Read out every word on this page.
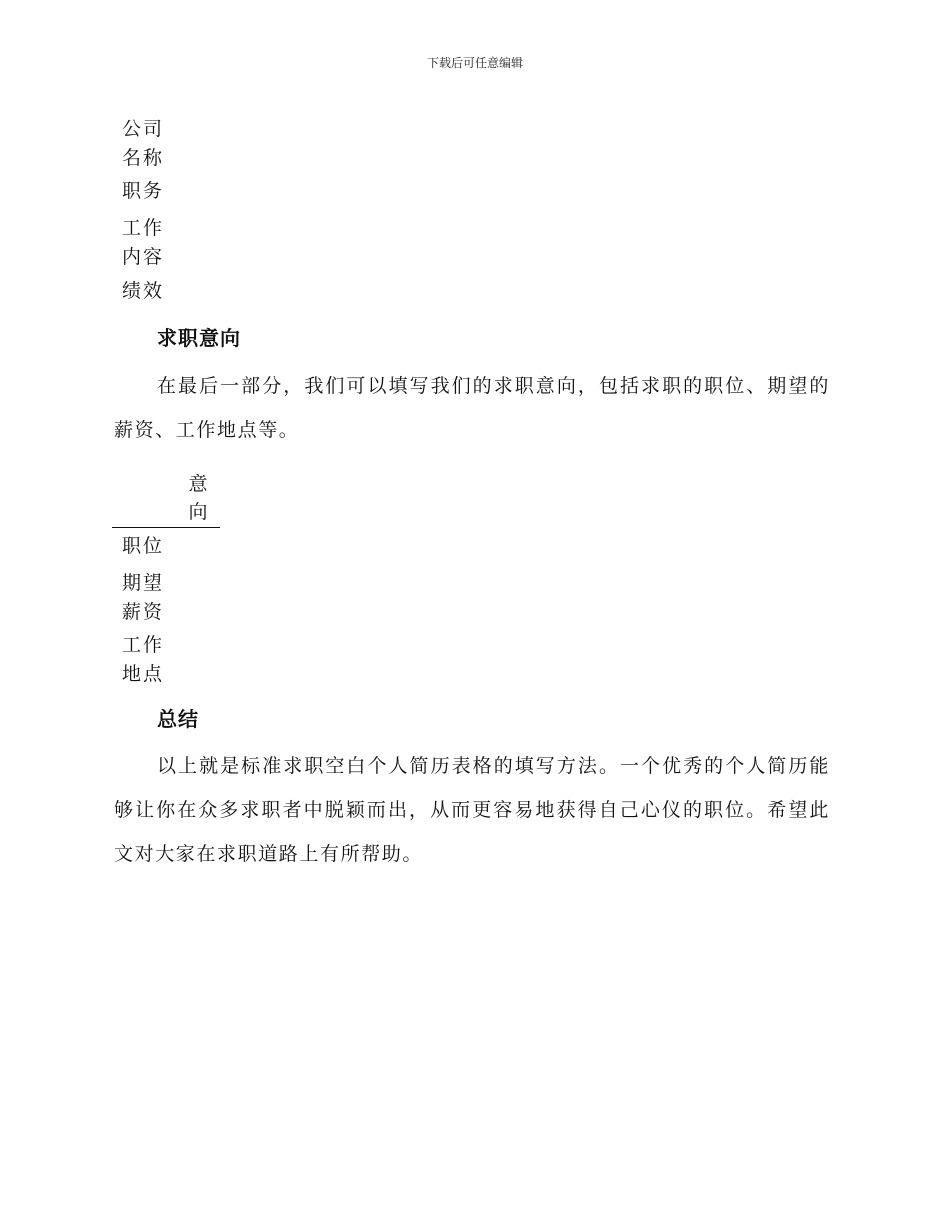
下载后可任意编辑
公司
名称
职务
工作
内容
绩效
求职意向
在最后一部分，我们可以填写我们的求职意向，包括求职的职位、期望的薪资、工作地点等。
意
向
职位
期望
薪资
工作
地点
总结
以上就是标准求职空白个人简历表格的填写方法。一个优秀的个人简历能够让你在众多求职者中脱颖而出，从而更容易地获得自己心仪的职位。希望此文对大家在求职道路上有所帮助。
